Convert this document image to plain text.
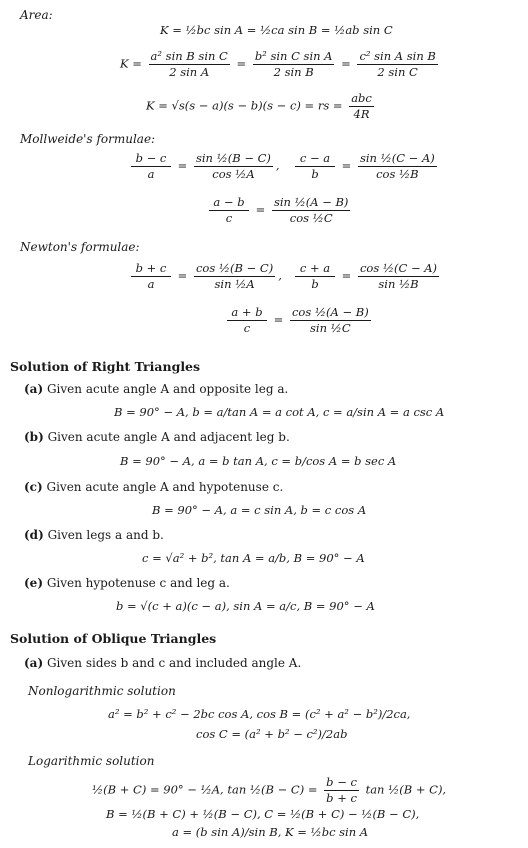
Area:
K = ½bc sin A = ½ca sin B = ½ab sin C
$K = \frac{\text{a² sin B sin C}}{\text{2 sin A}} = \frac{\text{b² sin C sin A}}{\text{2 sin B}} = \frac{\text{c² sin A sin B}}{\text{2 sin C}}$
K = √s(s − a)(s − b)(s − c) = rs = $\frac{\text{abc}}{4R}$
Mollweide's formulae:
$\frac{b - c}{a} = \frac{\text{sin ½(B − C)}}{\text{cos ½A}}$ , $\frac{c - a}{b} = \frac{\text{sin ½(C − A)}}{\text{cos ½B}}$
$\frac{a - b}{c} = \frac{\text{sin ½(A − B)}}{\text{cos ½C}}$
Newton's formulae:
$\frac{b + c}{a} = \frac{\text{cos ½(B − C)}}{\text{sin ½A}}$ , $\frac{c + a}{b} = \frac{\text{cos ½(C − A)}}{\text{sin ½B}}$
$\frac{a + b}{c} = \frac{\text{cos ½(A − B)}}{\text{sin ½C}}$
Solution of Right Triangles
(a) Given acute angle A and opposite leg a.
B = 90° − A, b = a/tan A = a cot A, c = a/sin A = a csc A
(b) Given acute angle A and adjacent leg b.
B = 90° − A, a = b tan A, c = b/cos A = b sec A
(c) Given acute angle A and hypotenuse c.
B = 90° − A, a = c sin A, b = c cos A
(d) Given legs a and b.
c = √a² + b², tan A = a/b, B = 90° − A
(e) Given hypotenuse c and leg a.
b = √(c + a)(c − a), sin A = a/c, B = 90° − A
Solution of Oblique Triangles
(a) Given sides b and c and included angle A.
Nonlogarithmic solution
a² = b² + c² − 2bc cos A, cos B = (c² + a² − b²)/2ca,
cos C = (a² + b² − c²)/2ab
Logarithmic solution
½(B + C) = 90° − ½A, tan ½(B − $C) = \frac{b - c}{b + c}$ tan ½(B + C),
B = ½(B + C) + ½(B − C), C = ½(B + C) − ½(B − C),
a = (b sin A)/sin B, K = ½bc sin A
